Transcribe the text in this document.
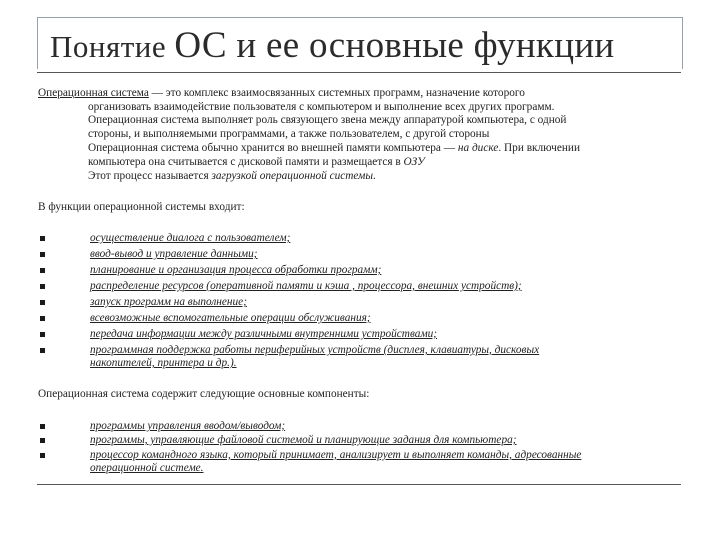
Понятие ОС и ее основные функции
Операционная система — это комплекс взаимосвязанных системных программ, назначение которого
организовать взаимодействие пользователя с компьютером и выполнение всех других программ.
Операционная система выполняет роль связующего звена между аппаратурой компьютера, с одной
стороны, и выполняемыми программами, а также пользователем, с другой стороны
Операционная система обычно хранится во внешней памяти компьютера — на диске. При включении
компьютера она считывается с дисковой памяти и размещается в ОЗУ
Этот процесс называется загрузкой операционной системы.
В функции операционной системы входит:
осуществление диалога с пользователем;
ввод-вывод и управление данными;
планирование и организация процесса обработки программ;
распределение ресурсов (оперативной памяти и кэша , процессора, внешних устройств);
запуск программ на выполнение;
всевозможные вспомогательные операции обслуживания;
передача информации между различными внутренними устройствами;
программная поддержка работы периферийных устройств (дисплея, клавиатуры, дисковых
накопителей, принтера и др.).
Операционная система содержит следующие основные компоненты:
программы управления вводом/выводом;
программы, управляющие файловой системой и планирующие задания для компьютера;
процессор командного языка, который принимает, анализирует и выполняет команды, адресованные
операционной системе.
